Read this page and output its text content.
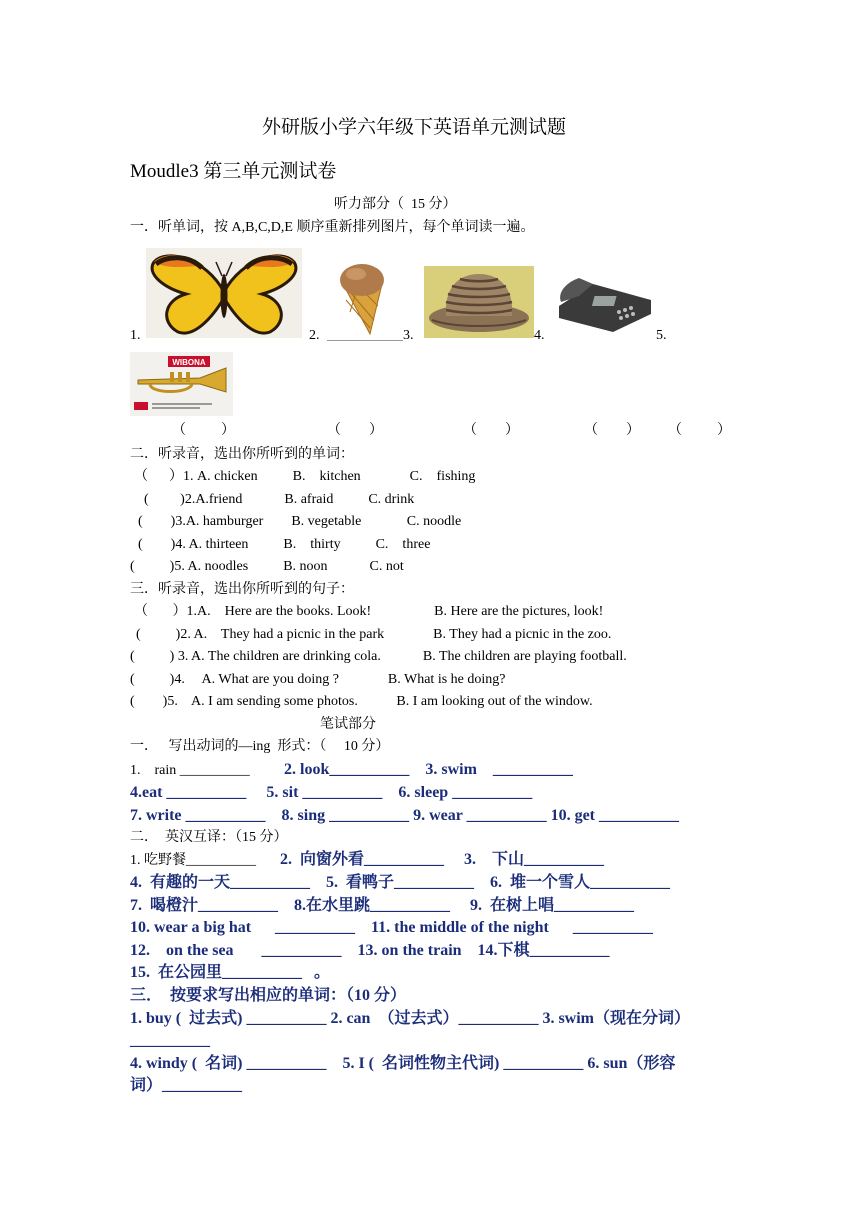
外研版小学六年级下英语单元测试题
Moudle3 第三单元测试卷
听力部分（  15 分）
一．听单词，按 A,B,C,D,E 顺序重新排列图片，每个单词读一遍。
1.	2.	3.	4.	5.
WIBONA
（          ）	（        ）	（        ）	（        ） （          ）
二．听录音，选出你所听到的单词：
（      ）1. A. chicken          B.    kitchen              C.    fishing
(         )2.A.friend            B. afraid          C. drink
(        )3.A. hamburger        B. vegetable             C. noodle
(        )4. A. thirteen          B.    thirty          C.    three
(          )5. A. noodles          B. noon            C. not
三．听录音，选出你所听到的句子：
（       ）1.A.    Here are the books. Look!                  B. Here are the pictures, look!
(          )2. A.    They had a picnic in the park              B. They had a picnic in the zoo.
(          ) 3. A. The children are drinking cola.            B. The children are playing football.
(          )4.     A. What are you doing ?              B. What is he doing?
(        )5.    A. I am sending some photos.           B. I am looking out of the window.
笔试部分
一．   写出动词的—ing  形式：（     10 分）
1.    rain __________ 2. look__________    3. swim    __________
4.eat __________     5. sit __________    6. sleep __________
7. write __________    8. sing __________ 9. wear __________ 10. get __________
二．  英汉互译：（15 分）
1. 吃野餐__________ 2.  向窗外看__________     3.    下山__________
4.  有趣的一天__________    5.  看鸭子__________    6.  堆一个雪人__________
7.  喝橙汁__________    8.在水里跳__________     9.  在树上唱__________
10. wear a big hat      __________    11. the middle of the night      __________
12.    on the sea       __________    13. on the train    14.下棋__________
15.  在公园里__________   。
三．  按要求写出相应的单词：（10 分）
1. buy (  过去式) __________ 2. can  （过去式）__________ 3. swim（现在分词）
__________
4. windy (  名词) __________    5. I (  名词性物主代词) __________ 6. sun（形容
词）__________
